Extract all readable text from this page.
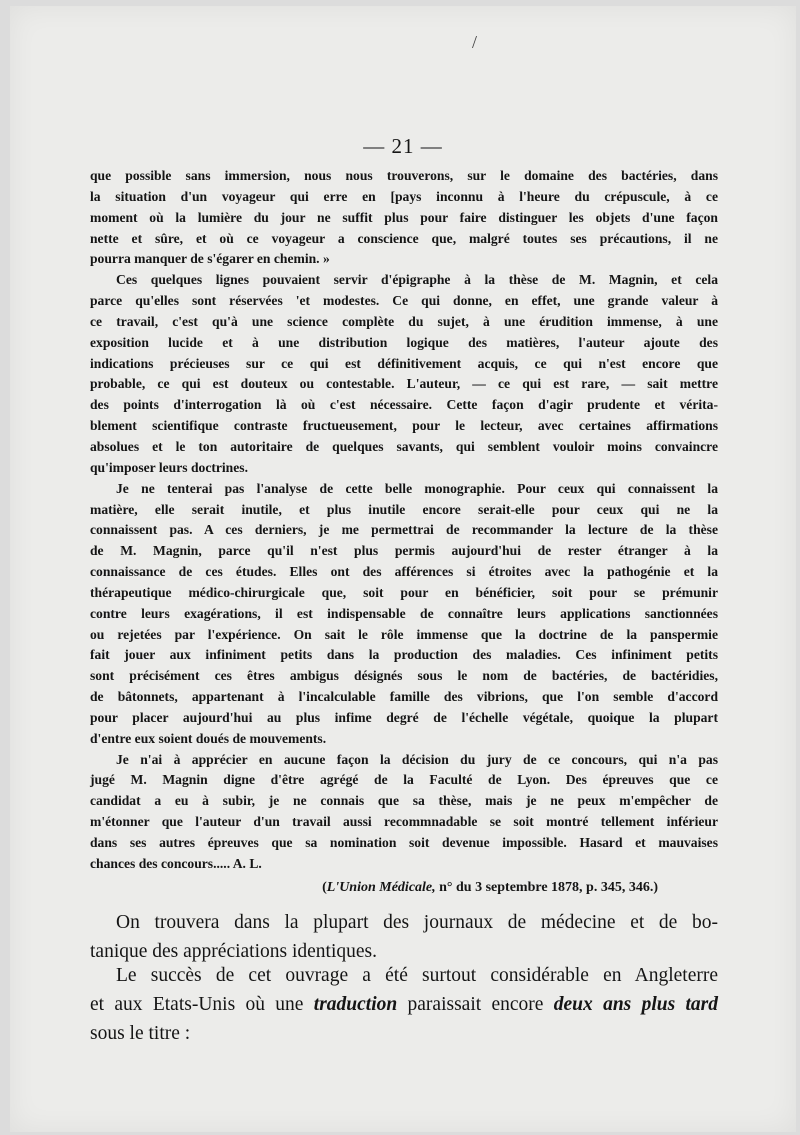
/
— 21 —
que possible sans immersion, nous nous trouverons, sur le domaine des bactéries, dans
la situation d'un voyageur qui erre en [pays inconnu à l'heure du crépuscule, à ce
moment où la lumière du jour ne suffit plus pour faire distinguer les objets d'une façon
nette et sûre, et où ce voyageur a conscience que, malgré toutes ses précautions, il ne
pourra manquer de s'égarer en chemin. »
Ces quelques lignes pouvaient servir d'épigraphe à la thèse de M. Magnin, et cela
parce qu'elles sont réservées 'et modestes. Ce qui donne, en effet, une grande valeur à
ce travail, c'est qu'à une science complète du sujet, à une érudition immense, à une
exposition lucide et à une distribution logique des matières, l'auteur ajoute des
indications précieuses sur ce qui est définitivement acquis, ce qui n'est encore que
probable, ce qui est douteux ou contestable. L'auteur, — ce qui est rare, — sait mettre
des points d'interrogation là où c'est nécessaire. Cette façon d'agir prudente et vérita-
blement scientifique contraste fructueusement, pour le lecteur, avec certaines affirmations
absolues et le ton autoritaire de quelques savants, qui semblent vouloir moins convaincre
qu'imposer leurs doctrines.
Je ne tenterai pas l'analyse de cette belle monographie. Pour ceux qui connaissent la
matière, elle serait inutile, et plus inutile encore serait-elle pour ceux qui ne la
connaissent pas. A ces derniers, je me permettrai de recommander la lecture de la thèse
de M. Magnin, parce qu'il n'est plus permis aujourd'hui de rester étranger à la
connaissance de ces études. Elles ont des afférences si étroites avec la pathogénie et la
thérapeutique médico-chirurgicale que, soit pour en bénéficier, soit pour se prémunir
contre leurs exagérations, il est indispensable de connaître leurs applications sanctionnées
ou rejetées par l'expérience. On sait le rôle immense que la doctrine de la panspermie
fait jouer aux infiniment petits dans la production des maladies. Ces infiniment petits
sont précisément ces êtres ambigus désignés sous le nom de bactéries, de bactéridies,
de bâtonnets, appartenant à l'incalculable famille des vibrions, que l'on semble d'accord
pour placer aujourd'hui au plus infime degré de l'échelle végétale, quoique la plupart
d'entre eux soient doués de mouvements.
Je n'ai à apprécier en aucune façon la décision du jury de ce concours, qui n'a pas
jugé M. Magnin digne d'être agrégé de la Faculté de Lyon. Des épreuves que ce
candidat a eu à subir, je ne connais que sa thèse, mais je ne peux m'empêcher de
m'étonner que l'auteur d'un travail aussi recommnadable se soit montré tellement inférieur
dans ses autres épreuves que sa nomination soit devenue impossible. Hasard et mauvaises
chances des concours..... A. L.
(L'Union Médicale, n° du 3 septembre 1878, p. 345, 346.)
On trouvera dans la plupart des journaux de médecine et de bo-
tanique des appréciations identiques.
Le succès de cet ouvrage a été surtout considérable en Angleterre
et aux Etats-Unis où une traduction paraissait encore deux ans plus tard
sous le titre :
